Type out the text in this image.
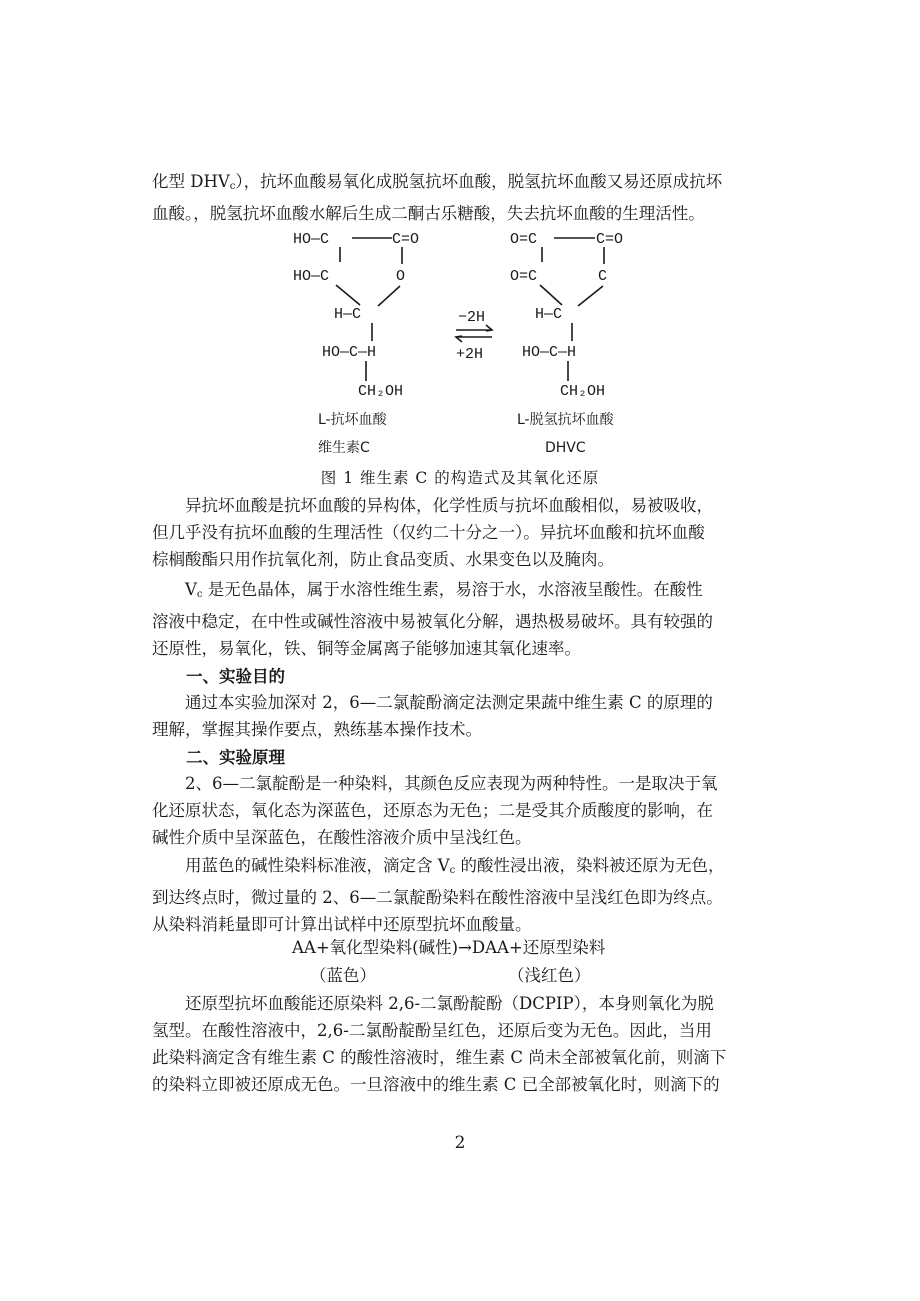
化型 $DHV_c$），抗坏血酸易氧化成脱氢抗坏血酸，脱氢抗坏血酸又易还原成抗坏
血酸。，脱氢抗坏血酸水解后生成二酮古乐糖酸，失去抗坏血酸的生理活性。

HO—C	C=O
HO—C	O
H—C
HO—C—H
CH₂OH
L-抗坏血酸
维生素C
−2H
+2H
O=C	C=O
O=C	C
H—C
HO—C—H
CH₂OH
L-脱氢抗坏血酸
DHVC
图 1 维生素 C 的构造式及其氧化还原

异抗坏血酸是抗坏血酸的异构体，化学性质与抗坏血酸相似，易被吸收，
但几乎没有抗坏血酸的生理活性（仅约二十分之一）。异抗坏血酸和抗坏血酸
棕榈酸酯只用作抗氧化剂，防止食品变质、水果变色以及腌肉。

$V_c$ 是无色晶体，属于水溶性维生素，易溶于水，水溶液呈酸性。在酸性
溶液中稳定，在中性或碱性溶液中易被氧化分解，遇热极易破坏。具有较强的
还原性，易氧化，铁、铜等金属离子能够加速其氧化速率。

一、实验目的

通过本实验加深对 2，6—二氯靛酚滴定法测定果蔬中维生素 C 的原理的
理解，掌握其操作要点，熟练基本操作技术。

二、实验原理

2、6—二氯靛酚是一种染料，其颜色反应表现为两种特性。一是取决于氧
化还原状态，氧化态为深蓝色，还原态为无色；二是受其介质酸度的影响，在
碱性介质中呈深蓝色，在酸性溶液介质中呈浅红色。

用蓝色的碱性染料标准液，滴定含 $V_c$ 的酸性浸出液，染料被还原为无色，
到达终点时，微过量的 2、6—二氯靛酚染料在酸性溶液中呈浅红色即为终点。
从染料消耗量即可计算出试样中还原型抗坏血酸量。

AA+氧化型染料(碱性)→DAA+还原型染料

（蓝色）	（浅红色）

还原型抗坏血酸能还原染料 2,6-二氯酚靛酚（DCPIP），本身则氧化为脱
氢型。在酸性溶液中，2,6-二氯酚靛酚呈红色，还原后变为无色。因此，当用
此染料滴定含有维生素 C 的酸性溶液时，维生素 C 尚未全部被氧化前，则滴下
的染料立即被还原成无色。一旦溶液中的维生素 C 已全部被氧化时，则滴下的

2
